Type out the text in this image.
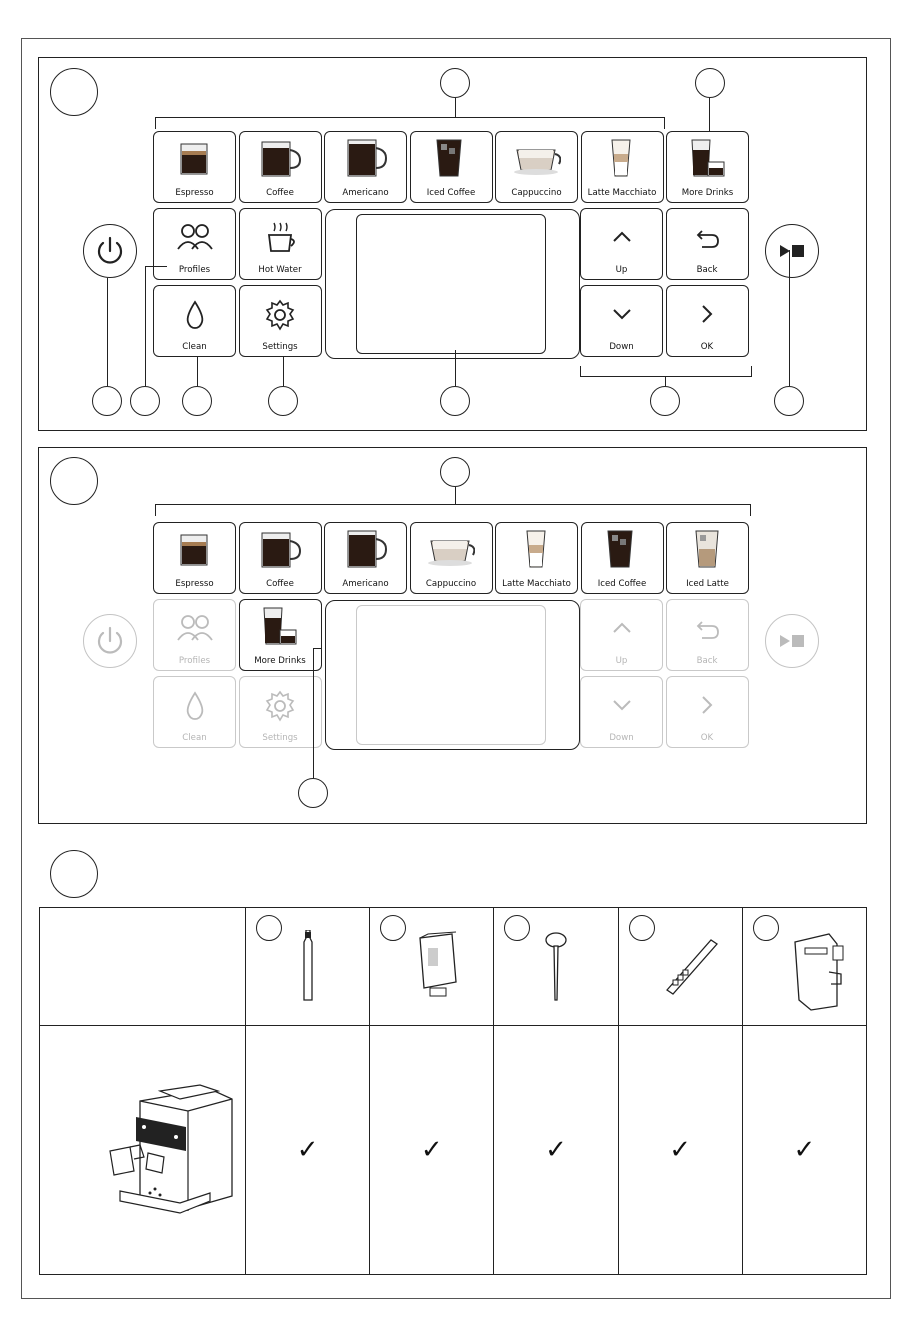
Espresso	Coffee	Americano	Iced Coffee	Cappuccino	Latte Macchiato	More Drinks
Profiles	Hot Water
Clean	Settings
Up	Back
Down	OK
Espresso	Coffee	Americano	Cappuccino	Latte Macchiato	Iced Coffee	Iced Latte
Profiles	More Drinks
Clean	Settings
Up	Back
Down	OK

✓	✓	✓	✓	✓
